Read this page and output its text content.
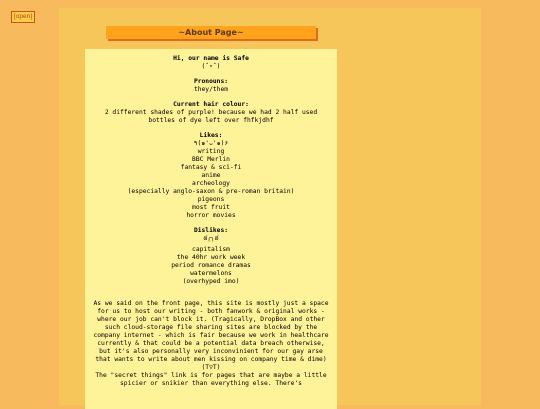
[open]
~About Page~
Hi, our name is Safe
(ˆ▿ˆ)
Pronouns:
they/them
Current hair colour:
2 different shades of purple! because we had 2 half used bottles of dye left over fhfkjdhf
Likes:
٩(๑'ᴗ'๑)۶
writing
BBC Merlin
fantasy & sci-fi
anime
archeology
(especially anglo-saxon & pre-roman britain)
pigeons
most fruit
horror movies
Dislikes:
ఠ╭╮ఠ
capitalism
the 40hr work week
period romance dramas
watermelons
(overhyped imo)
As we said on the front page, this site is mostly just a space for us to host our writing - both fanwork & original works - where our job can't block it. (Tragically, DropBox and other such cloud-storage file sharing sites are blocked by the company internet - which is fair because we work in healthcare currently & that could be a potential data breach otherwise, but it's also personally very inconvinient for our gay arse that wants to write about men kissing on company time & dime)
(T▽T)
The "secret things" link is for pages that are maybe a little spicier or snikier than everything else. There's
